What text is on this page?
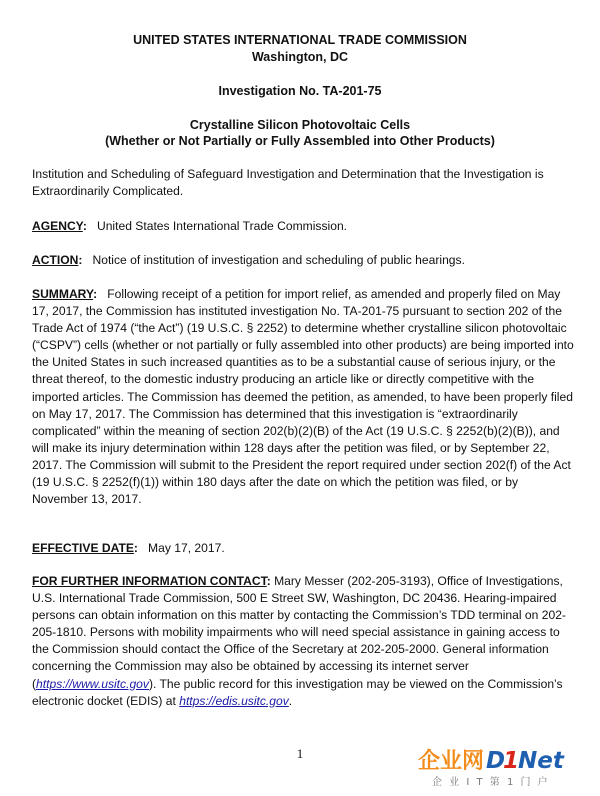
UNITED STATES INTERNATIONAL TRADE COMMISSION
Washington, DC
Investigation No. TA-201-75
Crystalline Silicon Photovoltaic Cells
(Whether or Not Partially or Fully Assembled into Other Products)
Institution and Scheduling of Safeguard Investigation and Determination that the Investigation is Extraordinarily Complicated.
AGENCY: United States International Trade Commission.
ACTION: Notice of institution of investigation and scheduling of public hearings.
SUMMARY: Following receipt of a petition for import relief, as amended and properly filed on May 17, 2017, the Commission has instituted investigation No. TA-201-75 pursuant to section 202 of the Trade Act of 1974 (“the Act”) (19 U.S.C. § 2252) to determine whether crystalline silicon photovoltaic (“CSPV”) cells (whether or not partially or fully assembled into other products) are being imported into the United States in such increased quantities as to be a substantial cause of serious injury, or the threat thereof, to the domestic industry producing an article like or directly competitive with the imported articles. The Commission has deemed the petition, as amended, to have been properly filed on May 17, 2017. The Commission has determined that this investigation is “extraordinarily complicated” within the meaning of section 202(b)(2)(B) of the Act (19 U.S.C. § 2252(b)(2)(B)), and will make its injury determination within 128 days after the petition was filed, or by September 22, 2017. The Commission will submit to the President the report required under section 202(f) of the Act (19 U.S.C. § 2252(f)(1)) within 180 days after the date on which the petition was filed, or by November 13, 2017.
EFFECTIVE DATE: May 17, 2017.
FOR FURTHER INFORMATION CONTACT: Mary Messer (202-205-3193), Office of Investigations, U.S. International Trade Commission, 500 E Street SW, Washington, DC 20436. Hearing-impaired persons can obtain information on this matter by contacting the Commission’s TDD terminal on 202-205-1810. Persons with mobility impairments who will need special assistance in gaining access to the Commission should contact the Office of the Secretary at 202-205-2000. General information concerning the Commission may also be obtained by accessing its internet server (https://www.usitc.gov). The public record for this investigation may be viewed on the Commission’s electronic docket (EDIS) at https://edis.usitc.gov.
1	企业网 D
1
Net
企 业 I T 第 1 门 户
